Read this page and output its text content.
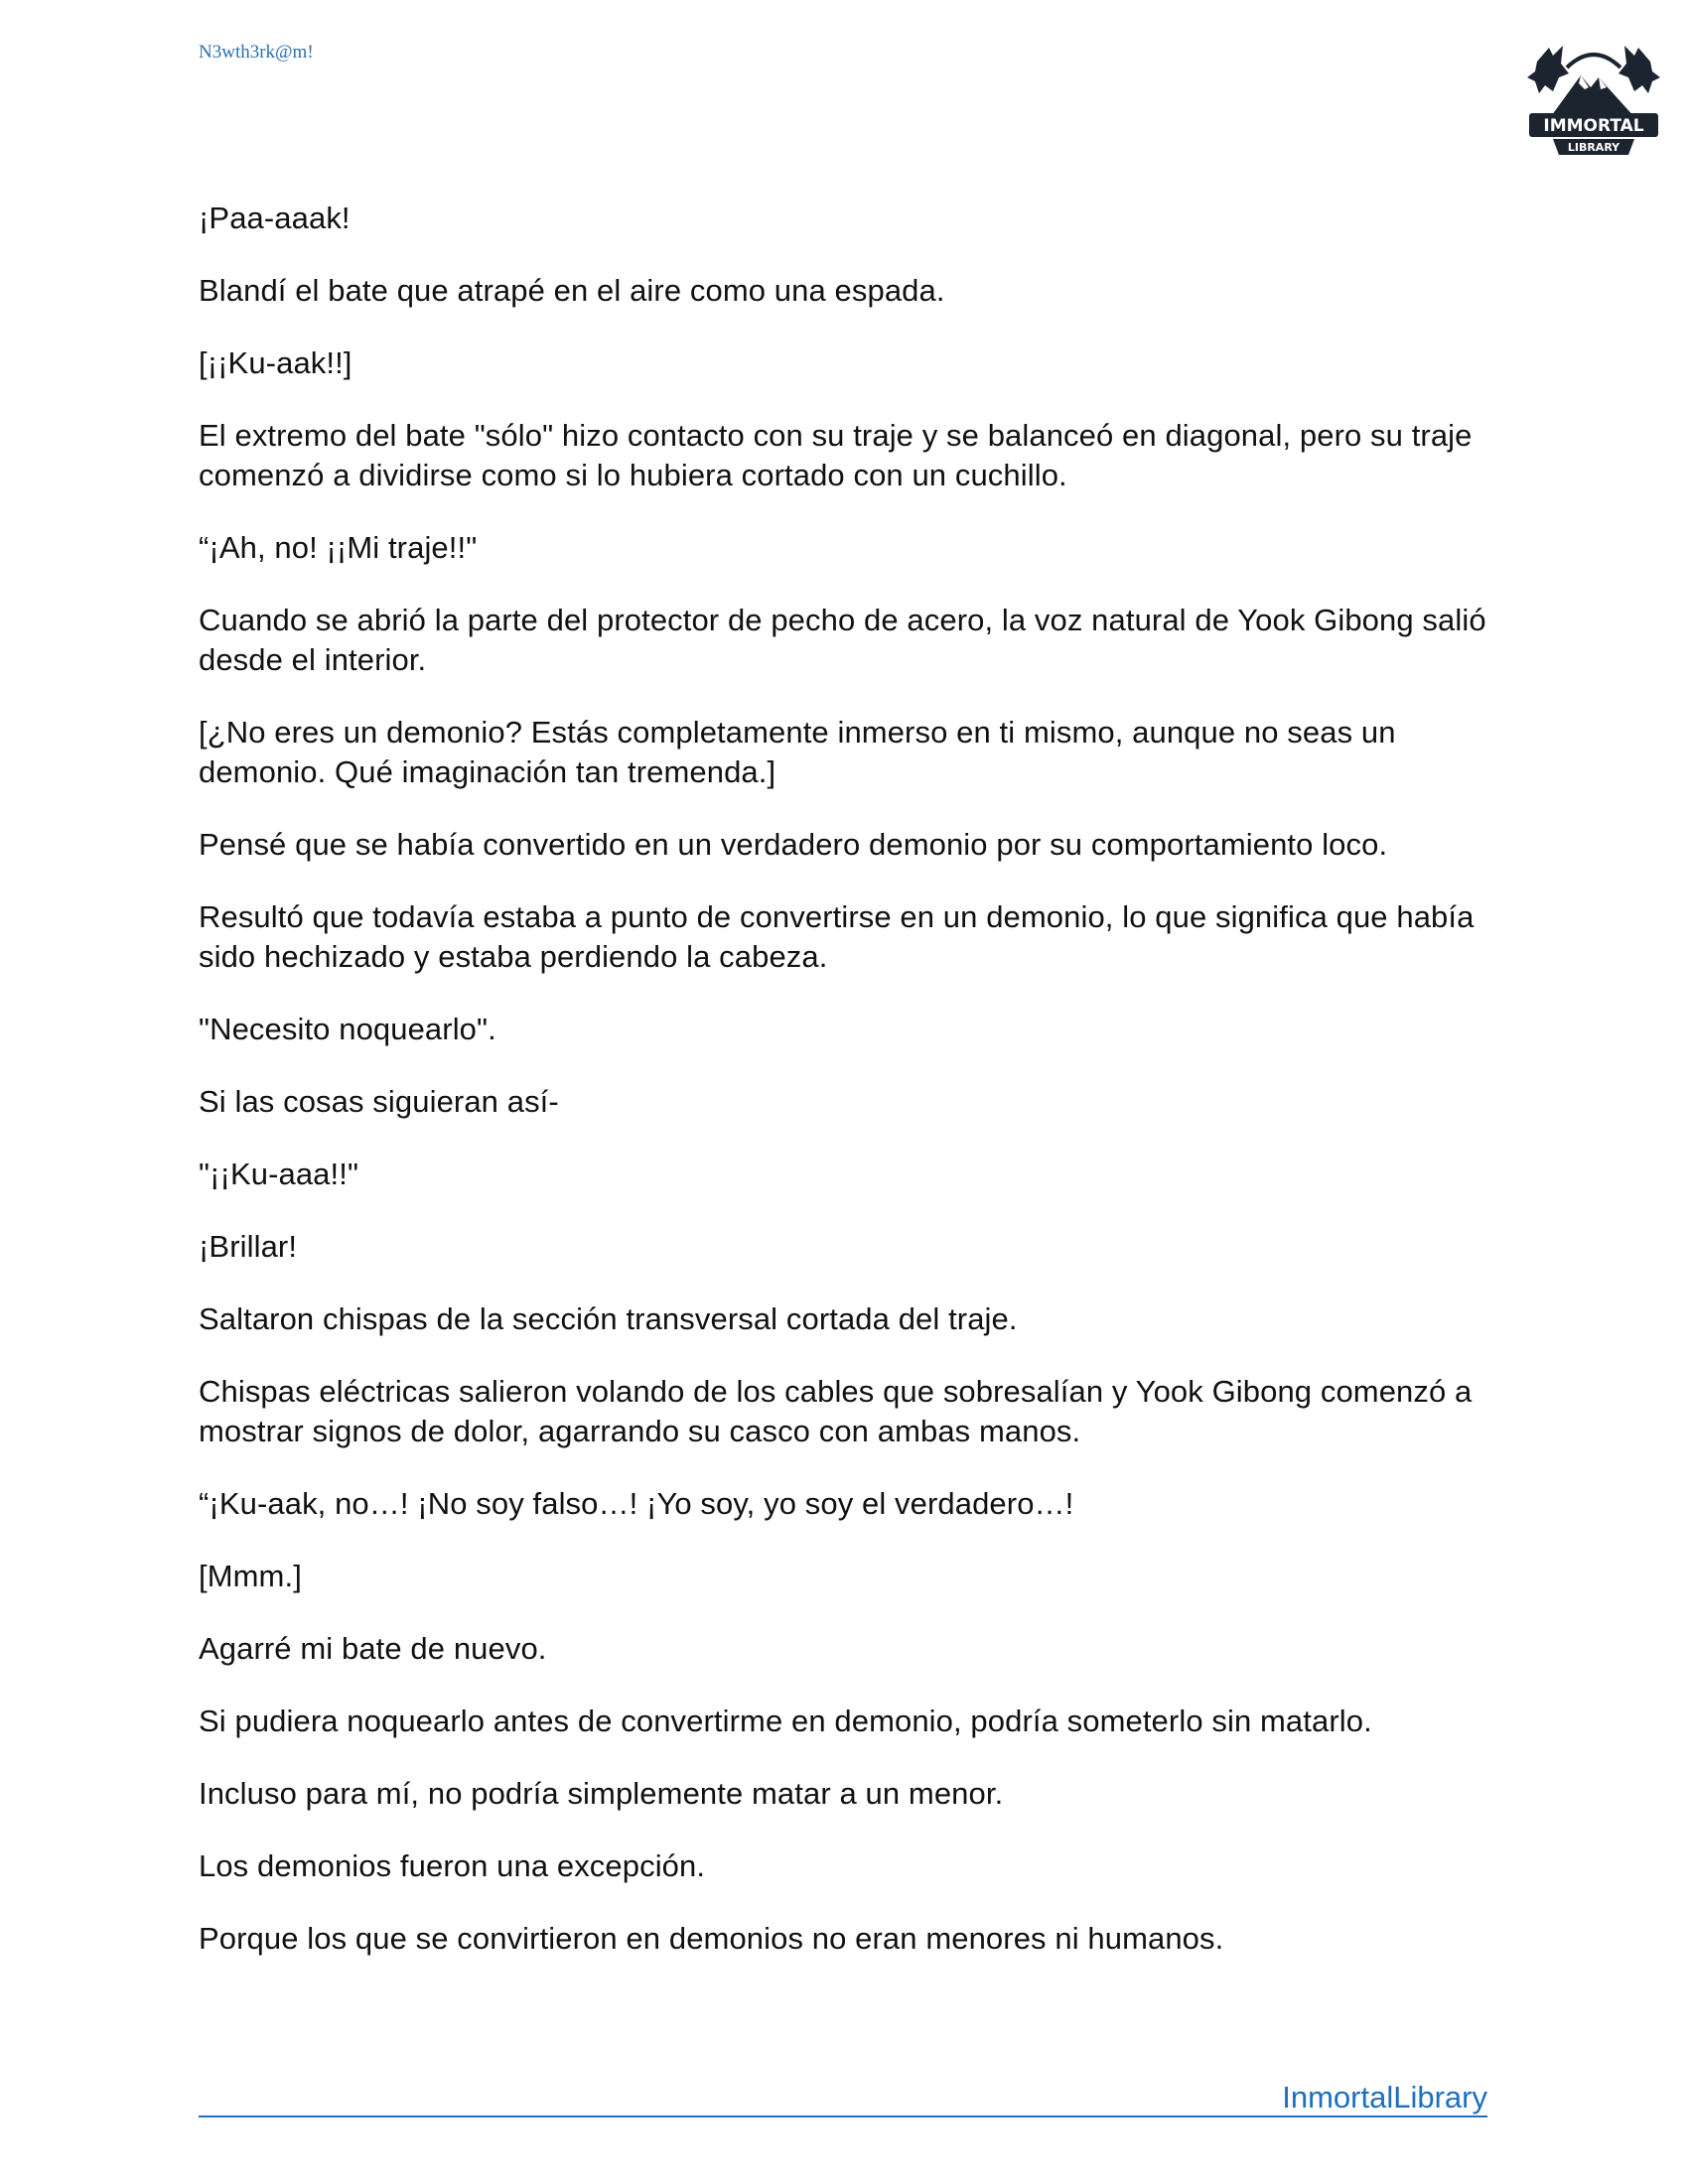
N3wth3rk@m!
IMMORTAL
LIBRARY

¡Paa-aaak!

Blandí el bate que atrapé en el aire como una espada.

[¡¡Ku-aak!!]

El extremo del bate "sólo" hizo contacto con su traje y se balanceó en diagonal, pero su traje comenzó a dividirse como si lo hubiera cortado con un cuchillo.

“¡Ah, no! ¡¡Mi traje!!"

Cuando se abrió la parte del protector de pecho de acero, la voz natural de Yook Gibong salió desde el interior.

[¿No eres un demonio? Estás completamente inmerso en ti mismo, aunque no seas un demonio. Qué imaginación tan tremenda.]

Pensé que se había convertido en un verdadero demonio por su comportamiento loco.

Resultó que todavía estaba a punto de convertirse en un demonio, lo que significa que había sido hechizado y estaba perdiendo la cabeza.

"Necesito noquearlo".

Si las cosas siguieran así-

"¡¡Ku-aaa!!"

¡Brillar!

Saltaron chispas de la sección transversal cortada del traje.

Chispas eléctricas salieron volando de los cables que sobresalían y Yook Gibong comenzó a mostrar signos de dolor, agarrando su casco con ambas manos.

“¡Ku-aak, no…! ¡No soy falso…! ¡Yo soy, yo soy el verdadero…!

[Mmm.]

Agarré mi bate de nuevo.

Si pudiera noquearlo antes de convertirme en demonio, podría someterlo sin matarlo.

Incluso para mí, no podría simplemente matar a un menor.

Los demonios fueron una excepción.

Porque los que se convirtieron en demonios no eran menores ni humanos.

InmortalLibrary
